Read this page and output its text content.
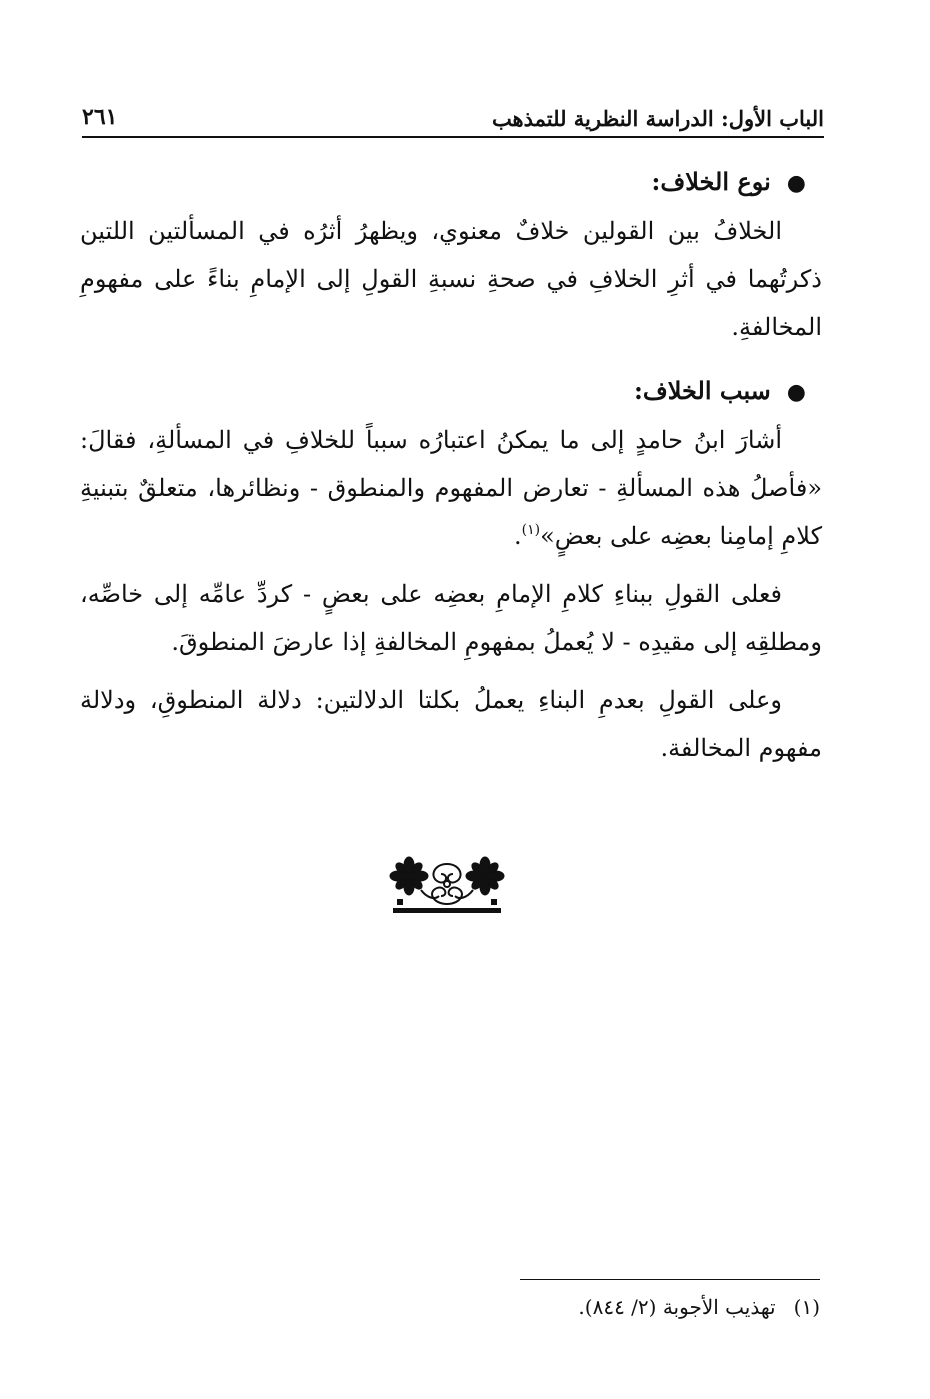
الباب الأول: الدراسة النظرية للتمذهب
٢٦١
●نوع الخلاف:

الخلافُ بين القولين خلافٌ معنوي، ويظهرُ أثرُه في المسألتين اللتين ذكرتُهما في أثرِ الخلافِ في صحةِ نسبةِ القولِ إلى الإمامِ بناءً على مفهومِ المخالفةِ.

●سبب الخلاف:

أشارَ ابنُ حامدٍ إلى ما يمكنُ اعتبارُه سبباً للخلافِ في المسألةِ، فقالَ: «فأصلُ هذه المسألةِ - تعارض المفهوم والمنطوق - ونظائرها، متعلقٌ بتبنيةِ كلامِ إمامِنا بعضِه على بعضٍ»$^{(١)}$.

فعلى القولِ ببناءِ كلامِ الإمامِ بعضِه على بعضٍ - كردِّ عامِّه إلى خاصِّه، ومطلقِه إلى مقيدِه - لا يُعملُ بمفهومِ المخالفةِ إذا عارضَ المنطوقَ.

وعلى القولِ بعدمِ البناءِ يعملُ بكلتا الدلالتين: دلالة المنطوقِ، ودلالة مفهوم المخالفة.

(١)تهذيب الأجوبة (٢/ ٨٤٤).
